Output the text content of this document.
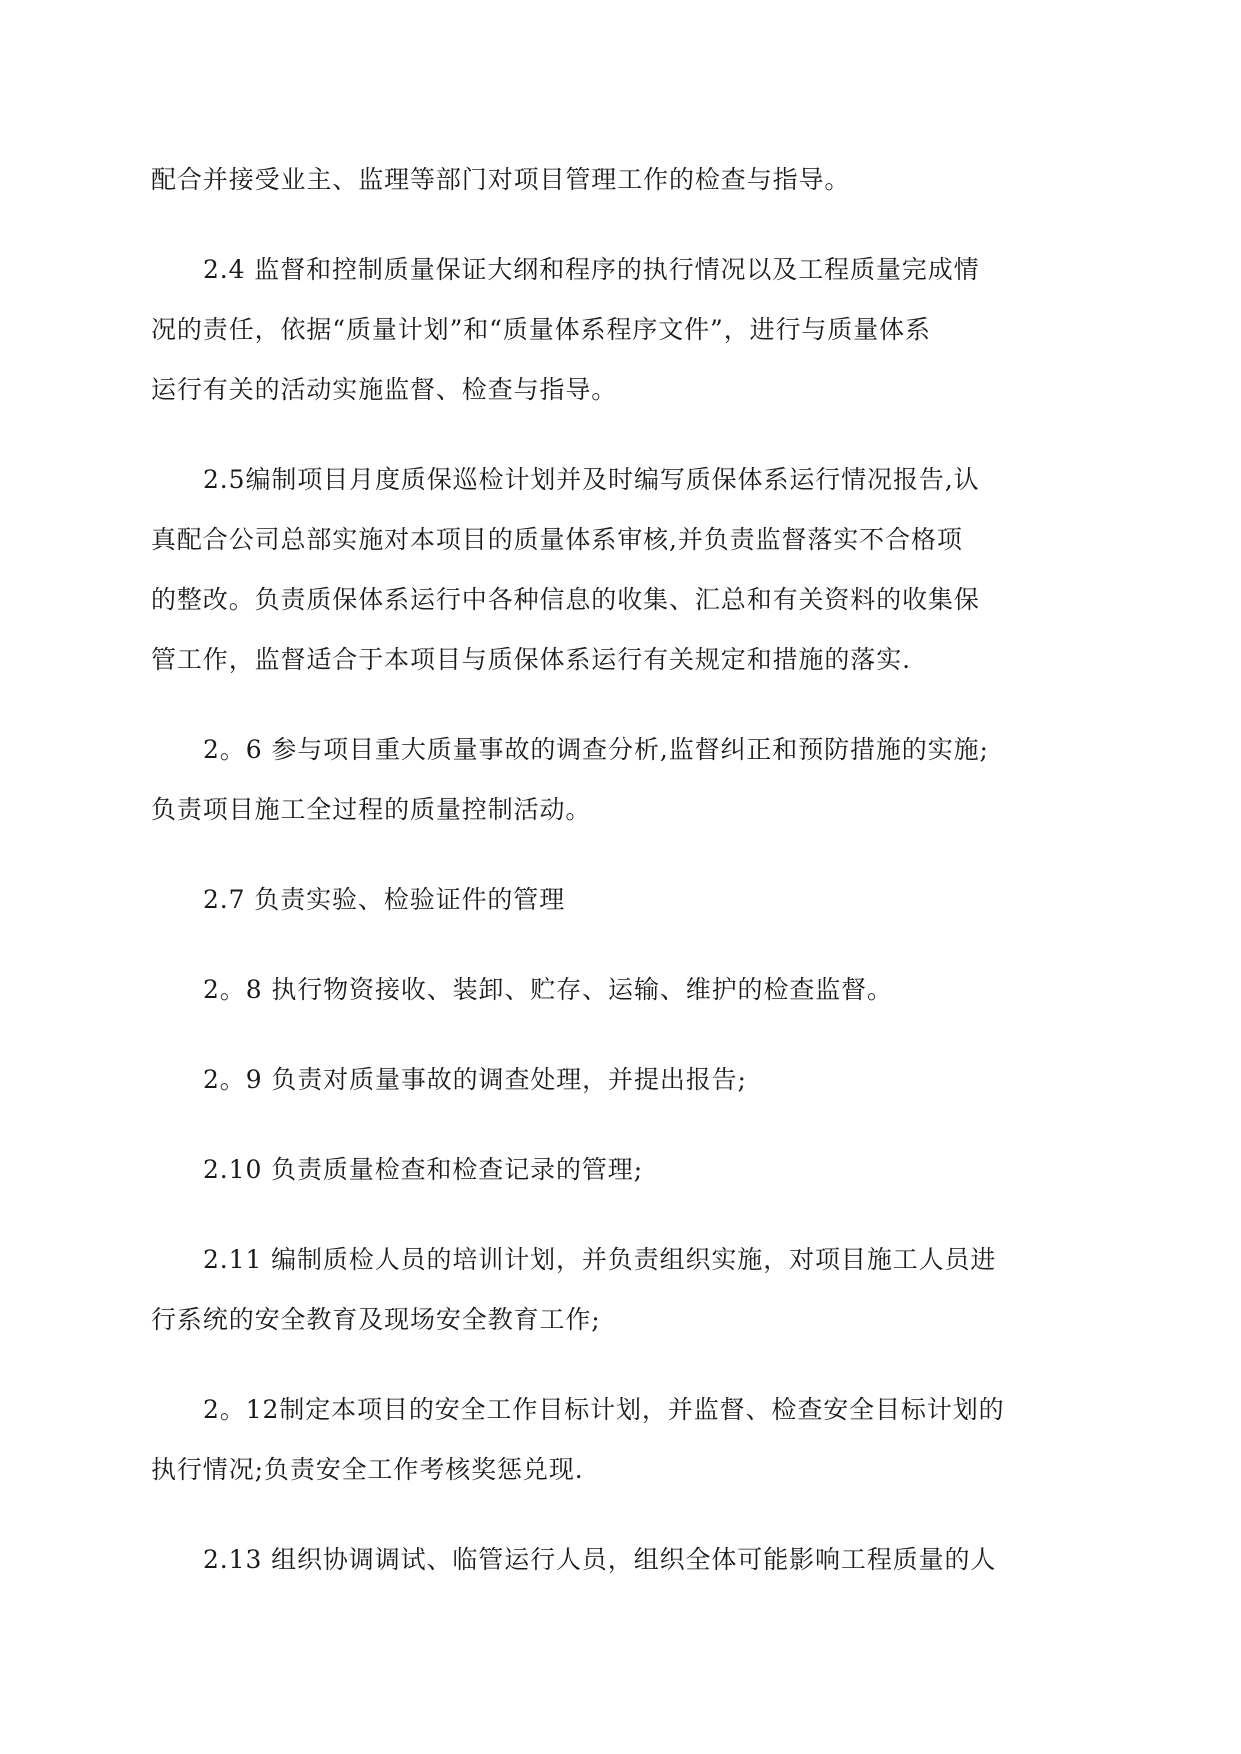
配合并接受业主、监理等部门对项目管理工作的检查与指导。

2.4 监督和控制质量保证大纲和程序的执行情况以及工程质量完成情
况的责任，依据“质量计划”和“质量体系程序文件”，进行与质量体系
运行有关的活动实施监督、检查与指导。

2.5编制项目月度质保巡检计划并及时编写质保体系运行情况报告,认
真配合公司总部实施对本项目的质量体系审核,并负责监督落实不合格项
的整改。负责质保体系运行中各种信息的收集、汇总和有关资料的收集保
管工作，监督适合于本项目与质保体系运行有关规定和措施的落实.

2。6 参与项目重大质量事故的调查分析,监督纠正和预防措施的实施;
负责项目施工全过程的质量控制活动。

2.7 负责实验、检验证件的管理

2。8 执行物资接收、装卸、贮存、运输、维护的检查监督。

2。9 负责对质量事故的调查处理，并提出报告;

2.10 负责质量检查和检查记录的管理;

2.11 编制质检人员的培训计划，并负责组织实施，对项目施工人员进
行系统的安全教育及现场安全教育工作;

2。12制定本项目的安全工作目标计划，并监督、检查安全目标计划的
执行情况;负责安全工作考核奖惩兑现.

2.13 组织协调调试、临管运行人员，组织全体可能影响工程质量的人
